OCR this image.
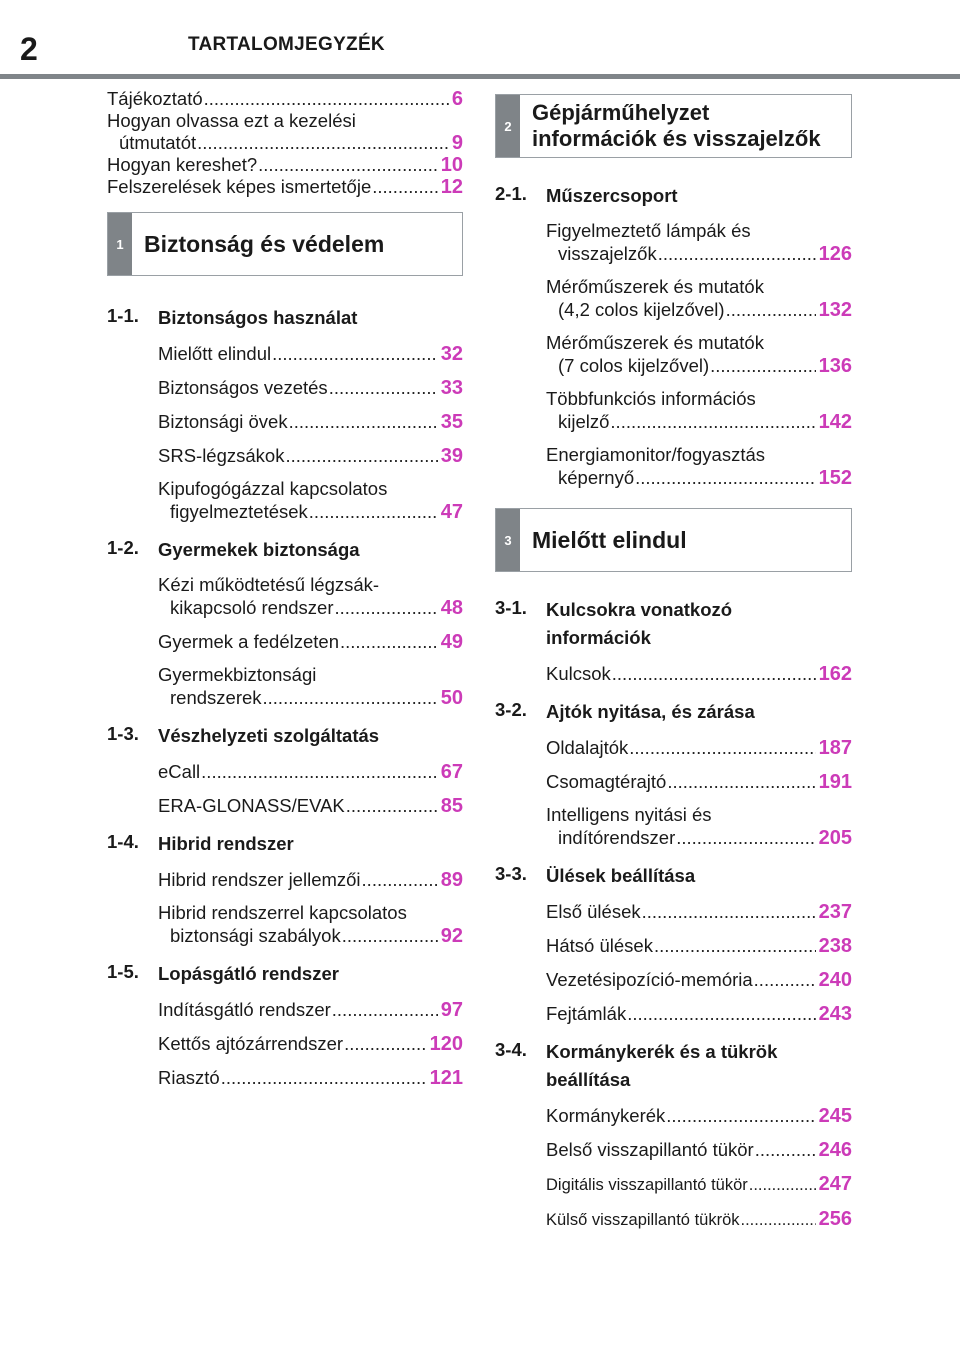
2	TARTALOMJEGYZÉK
Tájékoztató .....	6
Hogyan olvassa ezt a kezelési
útmutatót .....	9
Hogyan kereshet? .....	10
Felszerelések képes ismertetője .....	12
1 Biztonság és védelem
1-1.	Biztonságos használat
Mielőtt elindul .....	32
Biztonságos vezetés .....	33
Biztonsági övek .....	35
SRS-légzsákok .....	39
Kipufogógázzal kapcsolatos
figyelmeztetések .....	47
1-2.	Gyermekek biztonsága
Kézi működtetésű légzsák-
kikapcsoló rendszer .....	48
Gyermek a fedélzeten .....	49
Gyermekbiztonsági
rendszerek .....	50
1-3.	Vészhelyzeti szolgáltatás
eCall .....	67
ERA-GLONASS/EVAK .....	85
1-4.	Hibrid rendszer
Hibrid rendszer jellemzői .....	89
Hibrid rendszerrel kapcsolatos
biztonsági szabályok .....	92
1-5.	Lopásgátló rendszer
Indításgátló rendszer .....	97
Kettős ajtózárrendszer .....	120
Riasztó .....	121
2
Gépjárműhelyzet
információk és visszajelzők
2-1.	Műszercsoport
Figyelmeztető lámpák és
visszajelzők .....	126
Mérőműszerek és mutatók
(4,2 colos kijelzővel) .....	132
Mérőműszerek és mutatók
(7 colos kijelzővel) .....	136
Többfunkciós információs
kijelző .....	142
Energiamonitor/fogyasztás
képernyő .....	152
3 Mielőtt elindul
3-1.	Kulcsokra vonatkozó
információk
Kulcsok .....	162
3-2.	Ajtók nyitása, és zárása
Oldalajtók .....	187
Csomagtérajtó .....	191
Intelligens nyitási és
indítórendszer .....	205
3-3.	Ülések beállítása
Első ülések .....	237
Hátsó ülések .....	238
Vezetésipozíció-memória .....	240
Fejtámlák .....	243
3-4.	Kormánykerék és a tükrök
beállítása
Kormánykerék .....	245
Belső visszapillantó tükör .....	246
Digitális visszapillantó tükör .....	247
Külső visszapillantó tükrök .....	256
